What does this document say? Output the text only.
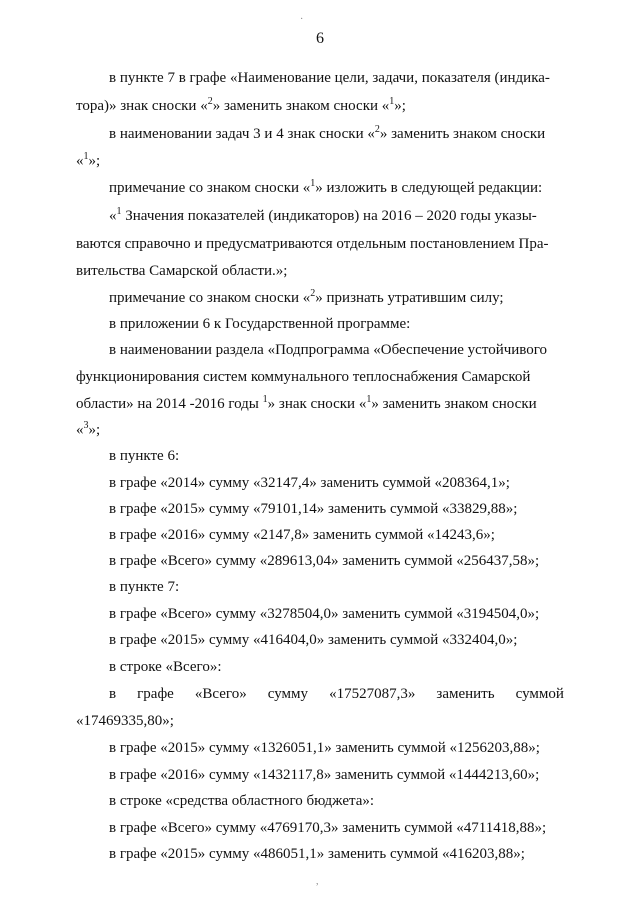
·
,
6
в пункте 7 в графе «Наименование цели, задачи, показателя (индика-
тора)» знак сноски «$^2$» заменить знаком сноски «$^1$»;
в наименовании задач 3 и 4 знак сноски «$^2$» заменить знаком сноски
«$^1$»;
примечание со знаком сноски «$^1$» изложить в следующей редакции:
«$^1$ Значения показателей (индикаторов) на 2016 – 2020 годы указы-
ваются справочно и предусматриваются отдельным постановлением Пра-
вительства Самарской области.»;
примечание со знаком сноски «$^2$» признать утратившим силу;
в приложении 6 к Государственной программе:
в наименовании раздела «Подпрограмма «Обеспечение устойчивого
функционирования систем коммунального теплоснабжения Самарской
области» на 2014 -2016 годы $^1$» знак сноски «$^1$» заменить знаком сноски
«$^3$»;
в пункте 6:
в графе «2014» сумму «32147,4» заменить суммой «208364,1»;
в графе «2015» сумму «79101,14» заменить суммой «33829,88»;
в графе «2016» сумму «2147,8» заменить суммой «14243,6»;
в графе «Всего» сумму «289613,04» заменить суммой «256437,58»;
в пункте 7:
в графе «Всего» сумму «3278504,0» заменить суммой «3194504,0»;
в графе «2015» сумму «416404,0» заменить суммой «332404,0»;
в строке «Всего»:
в графе «Всего» сумму «17527087,3» заменить суммой
«17469335,80»;
в графе «2015» сумму «1326051,1» заменить суммой «1256203,88»;
в графе «2016» сумму «1432117,8» заменить суммой «1444213,60»;
в строке «средства областного бюджета»:
в графе «Всего» сумму «4769170,3» заменить суммой «4711418,88»;
в графе «2015» сумму «486051,1» заменить суммой «416203,88»;
